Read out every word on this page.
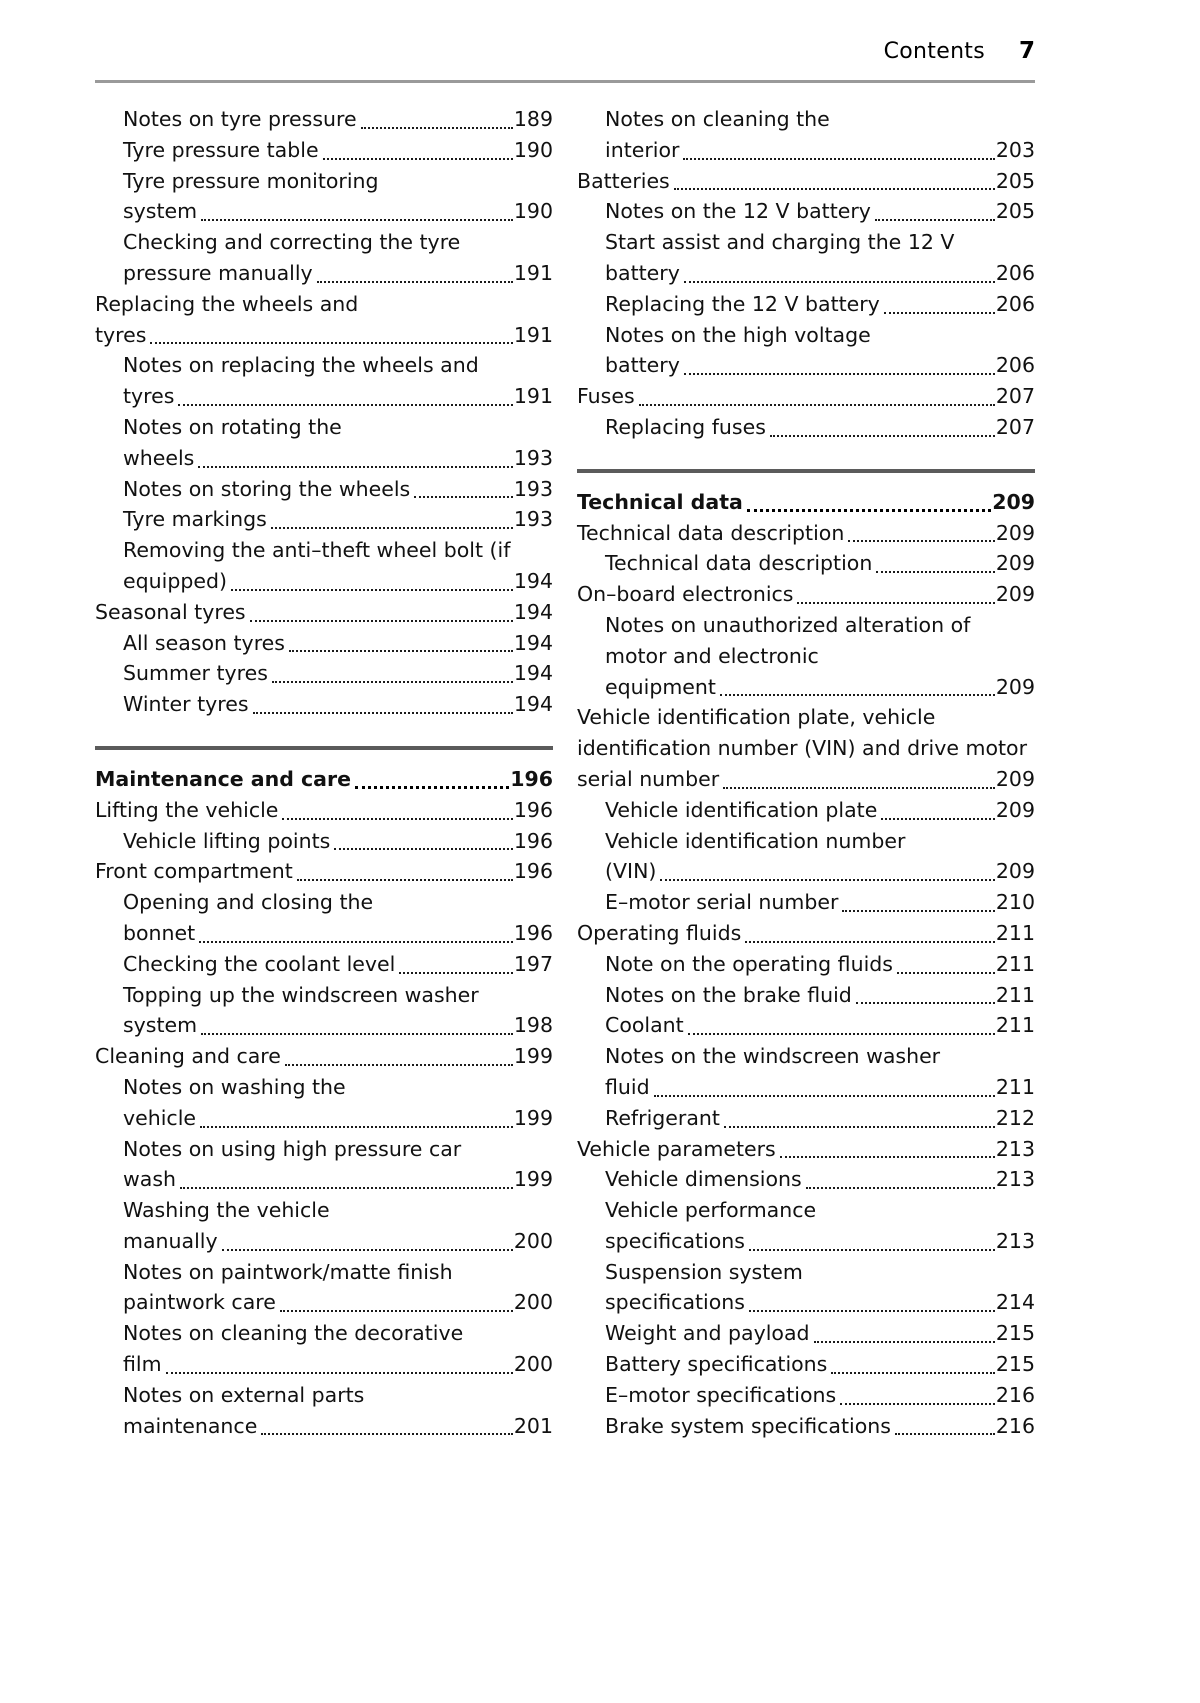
Contents 7
Notes on tyre pressure	189
Tyre pressure table	190
Tyre pressure monitoring
system	190
Checking and correcting the tyre
pressure manually	191
Replacing the wheels and
tyres	191
Notes on replacing the wheels and
tyres	191
Notes on rotating the
wheels	193
Notes on storing the wheels	193
Tyre markings	193
Removing the anti–theft wheel bolt (if
equipped)	194
Seasonal tyres	194
All season tyres	194
Summer tyres	194
Winter tyres	194
Maintenance and care	196
Lifting the vehicle	196
Vehicle lifting points	196
Front compartment	196
Opening and closing the
bonnet	196
Checking the coolant level	197
Topping up the windscreen washer
system	198
Cleaning and care	199
Notes on washing the
vehicle	199
Notes on using high pressure car
wash	199
Washing the vehicle
manually	200
Notes on paintwork/matte finish
paintwork care	200
Notes on cleaning the decorative
film	200
Notes on external parts
maintenance	201
Notes on cleaning the
interior	203
Batteries	205
Notes on the 12 V battery	205
Start assist and charging the 12 V
battery	206
Replacing the 12 V battery	206
Notes on the high voltage
battery	206
Fuses	207
Replacing fuses	207
Technical data	209
Technical data description	209
Technical data description	209
On–board electronics	209
Notes on unauthorized alteration of
motor and electronic
equipment	209
Vehicle identification plate, vehicle
identification number (VIN) and drive motor
serial number	209
Vehicle identification plate	209
Vehicle identification number
(VIN)	209
E–motor serial number	210
Operating fluids	211
Note on the operating fluids	211
Notes on the brake fluid	211
Coolant	211
Notes on the windscreen washer
fluid	211
Refrigerant	212
Vehicle parameters	213
Vehicle dimensions	213
Vehicle performance
specifications	213
Suspension system
specifications	214
Weight and payload	215
Battery specifications	215
E–motor specifications	216
Brake system specifications	216
